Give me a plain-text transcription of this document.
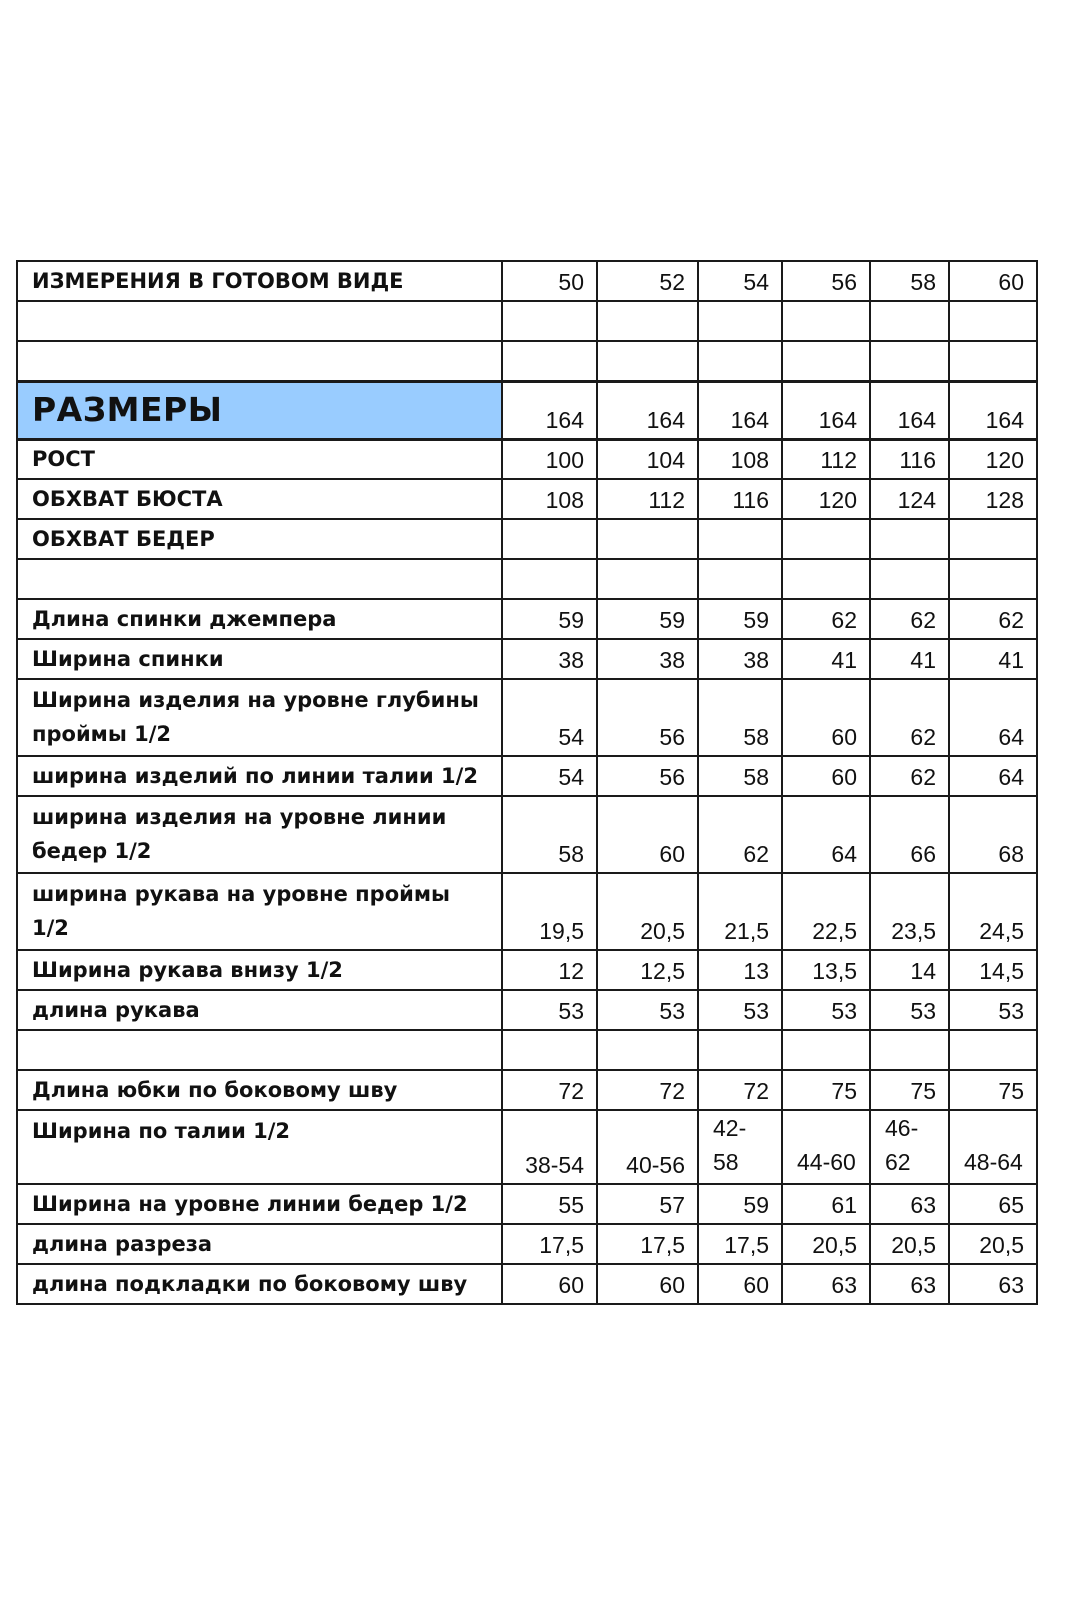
ИЗМЕРЕНИЯ В ГОТОВОМ ВИДЕ	50	52	54	56	58	60

РАЗМЕРЫ	164	164	164	164	164	164
РОСТ	100	104	108	112	116	120
ОБХВАТ БЮСТА	108	112	116	120	124	128
ОБХВАТ БЕДЕР						

Длина спинки джемпера	59	59	59	62	62	62
Ширина спинки	38	38	38	41	41	41
Ширина изделия на уровне глубины проймы 1/2	54	56	58	60	62	64
ширина изделий по линии талии 1/2	54	56	58	60	62	64
ширина изделия на уровне линии бедер 1/2	58	60	62	64	66	68
ширина рукава на уровне проймы 1/2	19,5	20,5	21,5	22,5	23,5	24,5
Ширина рукава внизу 1/2	12	12,5	13	13,5	14	14,5
длина рукава	53	53	53	53	53	53

Длина юбки по боковому шву	72	72	72	75	75	75
Ширина по талии 1/2	38-54	40-56	42-58	44-60	46-62	48-64
Ширина на уровне линии бедер 1/2	55	57	59	61	63	65
длина разреза	17,5	17,5	17,5	20,5	20,5	20,5
длина подкладки по боковому шву	60	60	60	63	63	63
